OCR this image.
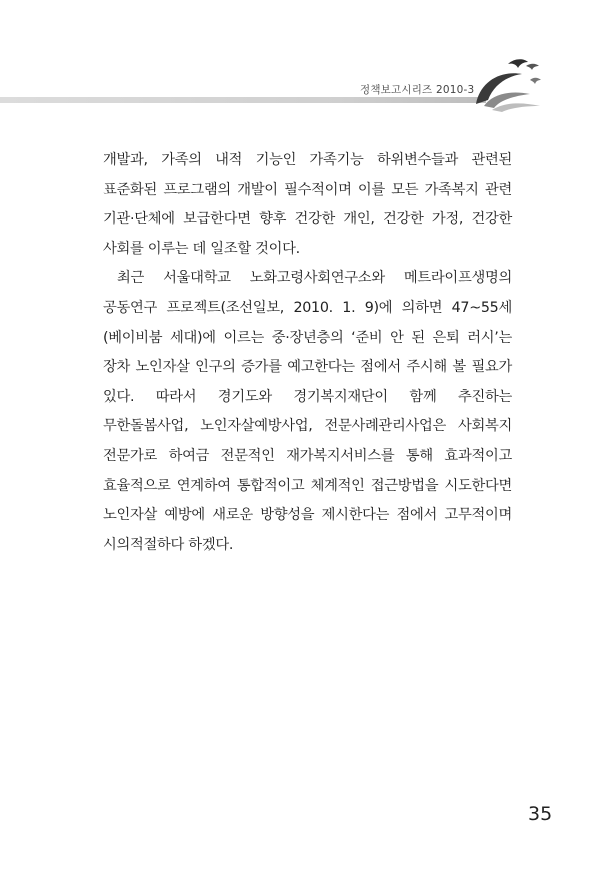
정책보고시리즈 2010-3

개발과, 가족의 내적 기능인 가족기능 하위변수들과 관련된 표준화된 프로그램의 개발이 필수적이며 이를 모든 가족복지 관련 기관·단체에 보급한다면 향후 건강한 개인, 건강한 가정, 건강한 사회를 이루는 데 일조할 것이다.

최근 서울대학교 노화고령사회연구소와 메트라이프생명의 공동연구 프로젝트(조선일보, 2010. 1. 9)에 의하면 47~55세(베이비붐 세대)에 이르는 중·장년층의 ‘준비 안 된 은퇴 러시’는 장차 노인자살 인구의 증가를 예고한다는 점에서 주시해 볼 필요가 있다. 따라서 경기도와 경기복지재단이 함께 추진하는 무한돌봄사업, 노인자살예방사업, 전문사례관리사업은 사회복지 전문가로 하여금 전문적인 재가복지서비스를 통해 효과적이고 효율적으로 연계하여 통합적이고 체계적인 접근방법을 시도한다면 노인자살 예방에 새로운 방향성을 제시한다는 점에서 고무적이며 시의적절하다 하겠다.

35
